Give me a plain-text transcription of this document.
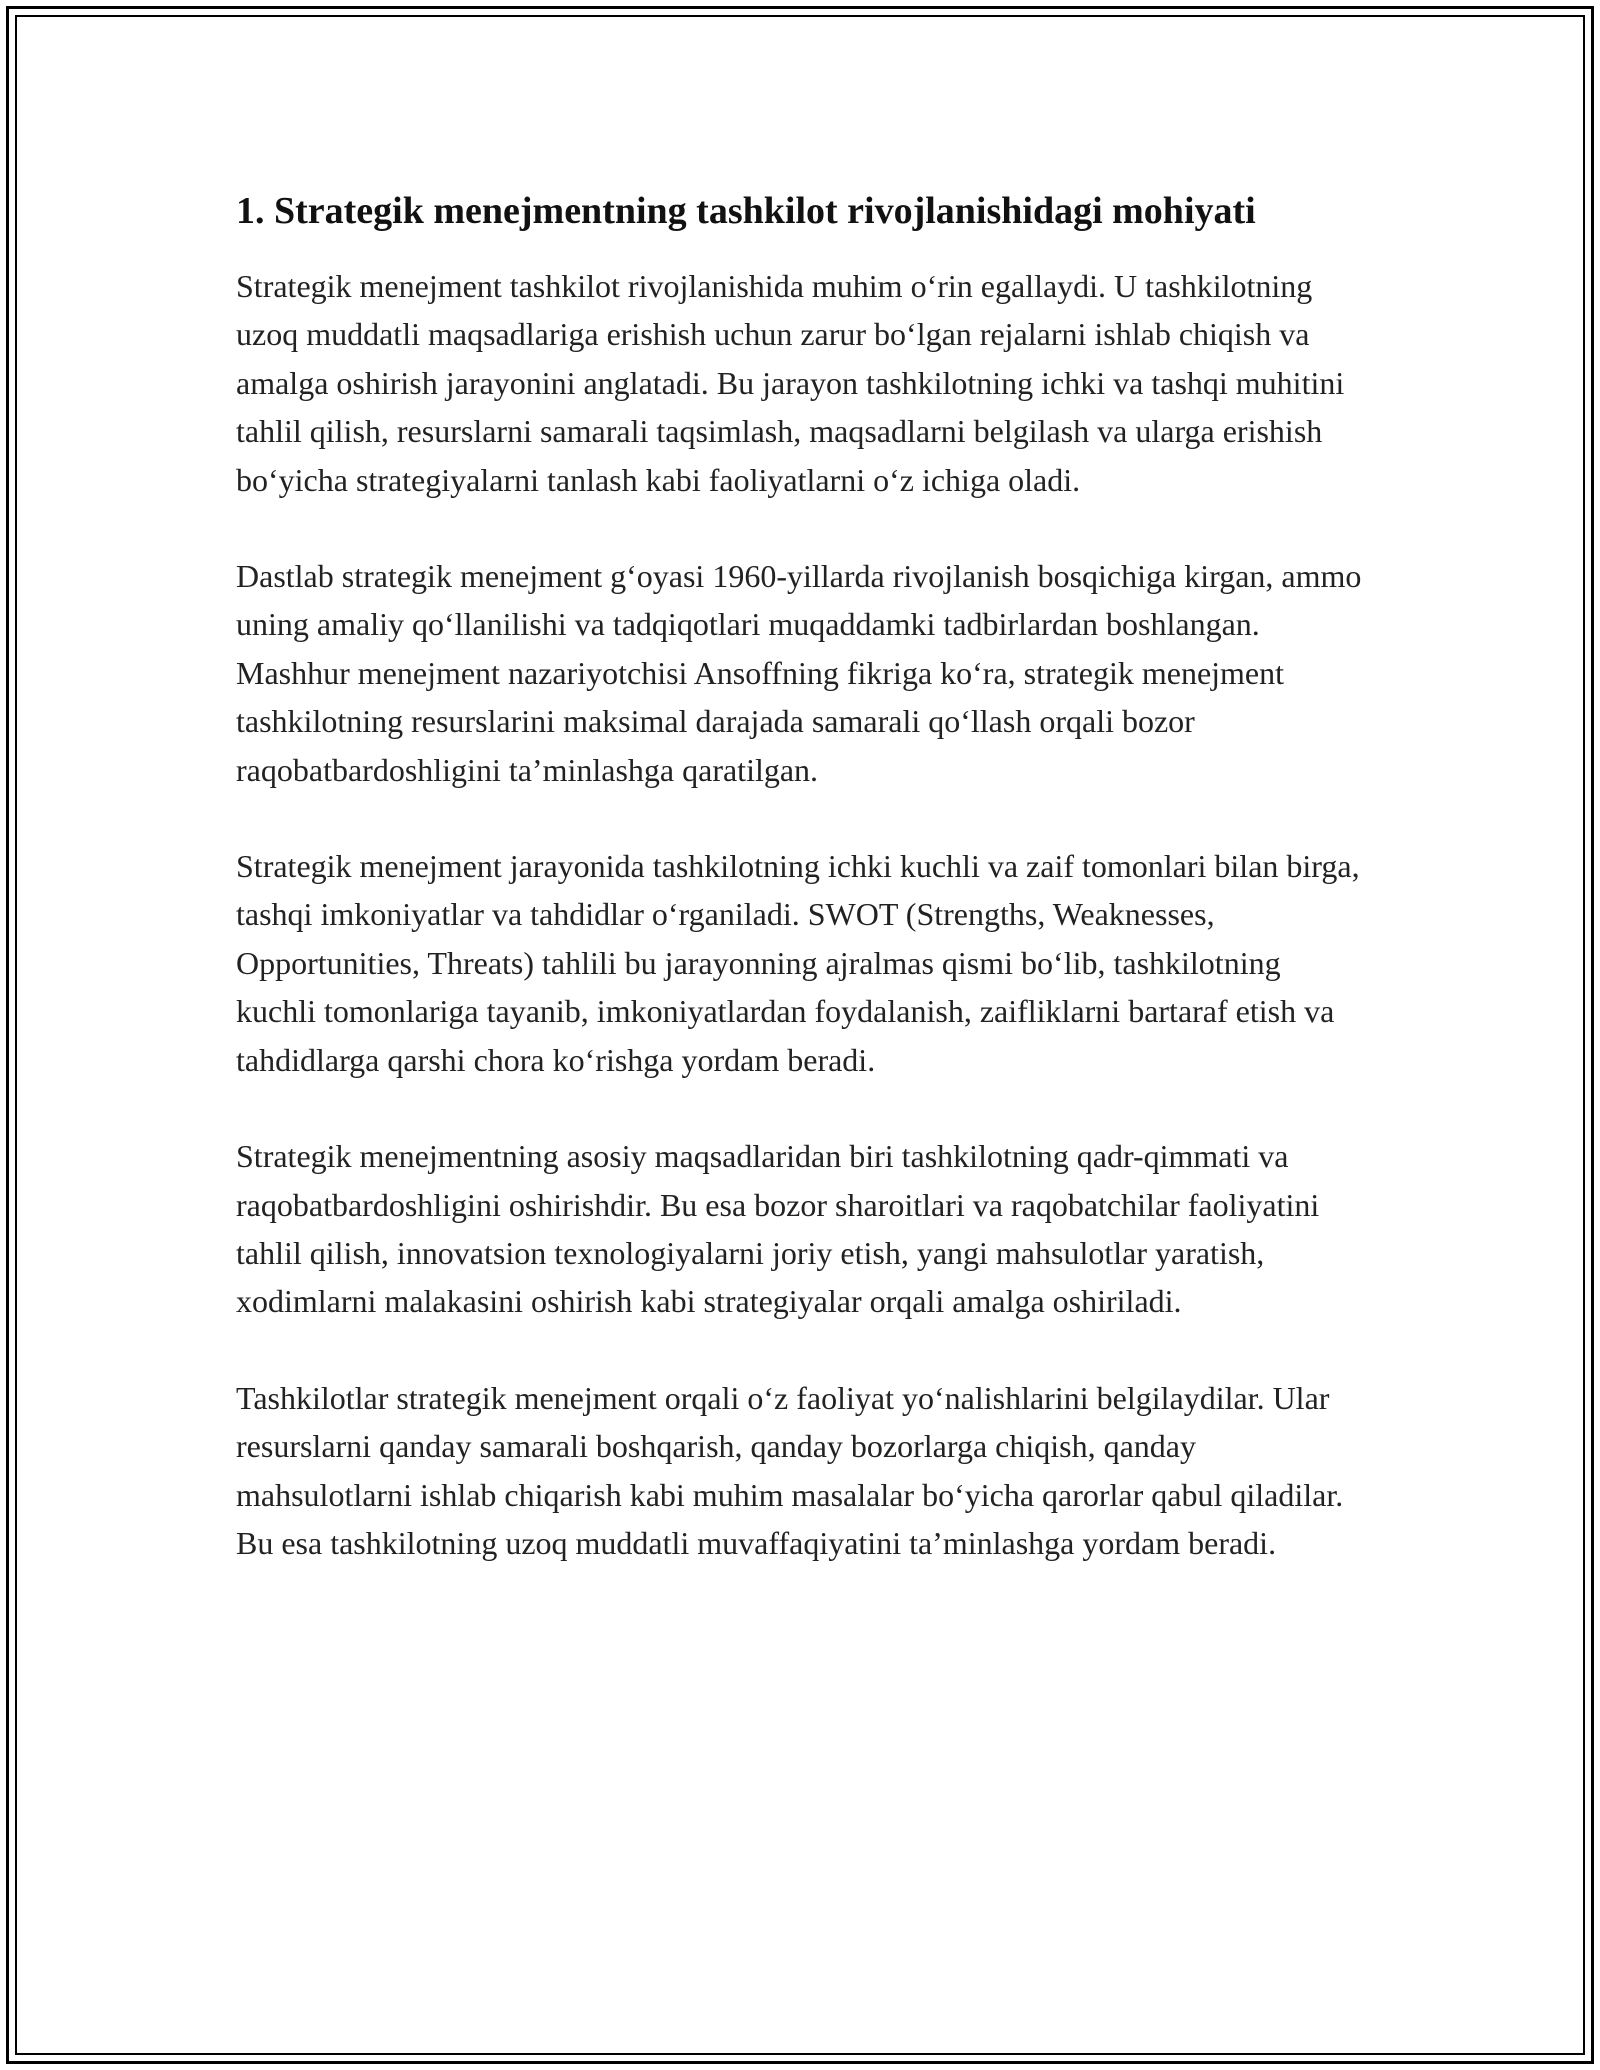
1. Strategik menejmentning tashkilot rivojlanishidagi mohiyati

Strategik menejment tashkilot rivojlanishida muhim o‘rin egallaydi. U tashkilotning uzoq muddatli maqsadlariga erishish uchun zarur bo‘lgan rejalarni ishlab chiqish va amalga oshirish jarayonini anglatadi. Bu jarayon tashkilotning ichki va tashqi muhitini tahlil qilish, resurslarni samarali taqsimlash, maqsadlarni belgilash va ularga erishish bo‘yicha strategiyalarni tanlash kabi faoliyatlarni o‘z ichiga oladi.

Dastlab strategik menejment g‘oyasi 1960-yillarda rivojlanish bosqichiga kirgan, ammo uning amaliy qo‘llanilishi va tadqiqotlari muqaddamki tadbirlardan boshlangan. Mashhur menejment nazariyotchisi Ansoffning fikriga ko‘ra, strategik menejment tashkilotning resurslarini maksimal darajada samarali qo‘llash orqali bozor raqobatbardoshligini ta’minlashga qaratilgan.

Strategik menejment jarayonida tashkilotning ichki kuchli va zaif tomonlari bilan birga, tashqi imkoniyatlar va tahdidlar o‘rganiladi. SWOT (Strengths, Weaknesses, Opportunities, Threats) tahlili bu jarayonning ajralmas qismi bo‘lib, tashkilotning kuchli tomonlariga tayanib, imkoniyatlardan foydalanish, zaifliklarni bartaraf etish va tahdidlarga qarshi chora ko‘rishga yordam beradi.

Strategik menejmentning asosiy maqsadlaridan biri tashkilotning qadr-qimmati va raqobatbardoshligini oshirishdir. Bu esa bozor sharoitlari va raqobatchilar faoliyatini tahlil qilish, innovatsion texnologiyalarni joriy etish, yangi mahsulotlar yaratish, xodimlarni malakasini oshirish kabi strategiyalar orqali amalga oshiriladi.

Tashkilotlar strategik menejment orqali o‘z faoliyat yo‘nalishlarini belgilaydilar. Ular resurslarni qanday samarali boshqarish, qanday bozorlarga chiqish, qanday mahsulotlarni ishlab chiqarish kabi muhim masalalar bo‘yicha qarorlar qabul qiladilar. Bu esa tashkilotning uzoq muddatli muvaffaqiyatini ta’minlashga yordam beradi.
